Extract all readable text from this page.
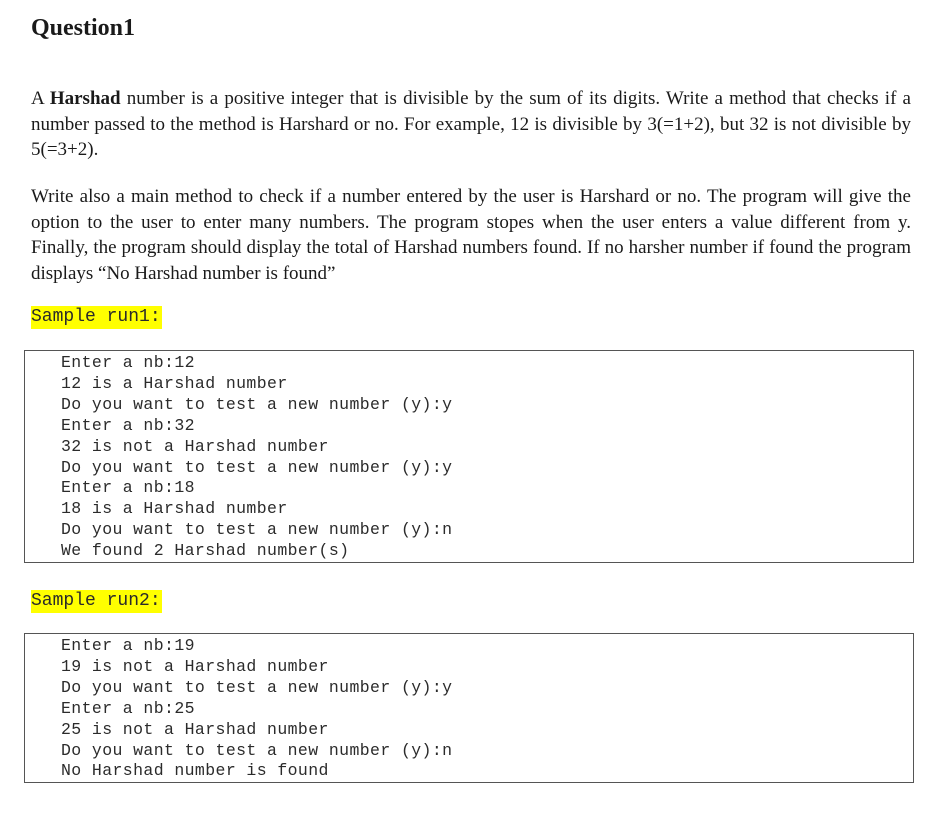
Question1

A Harshad number is a positive integer that is divisible by the sum of its digits. Write a method that checks if a number passed to the method is Harshard or no. For example, 12 is divisible by 3(=1+2), but 32 is not divisible by 5(=3+2).

Write also a main method to check if a number entered by the user is Harshard or no. The program will give the option to the user to enter many numbers. The program stopes when the user enters a value different from y. Finally, the program should display the total of Harshad numbers found. If no harsher number if found the program displays “No Harshad number is found”

Sample run1:

Enter a nb:12
12 is a Harshad number
Do you want to test a new number (y):y
Enter a nb:32
32 is not a Harshad number
Do you want to test a new number (y):y
Enter a nb:18
18 is a Harshad number
Do you want to test a new number (y):n
We found 2 Harshad number(s)

Sample run2:

Enter a nb:19
19 is not a Harshad number
Do you want to test a new number (y):y
Enter a nb:25
25 is not a Harshad number
Do you want to test a new number (y):n
No Harshad number is found
